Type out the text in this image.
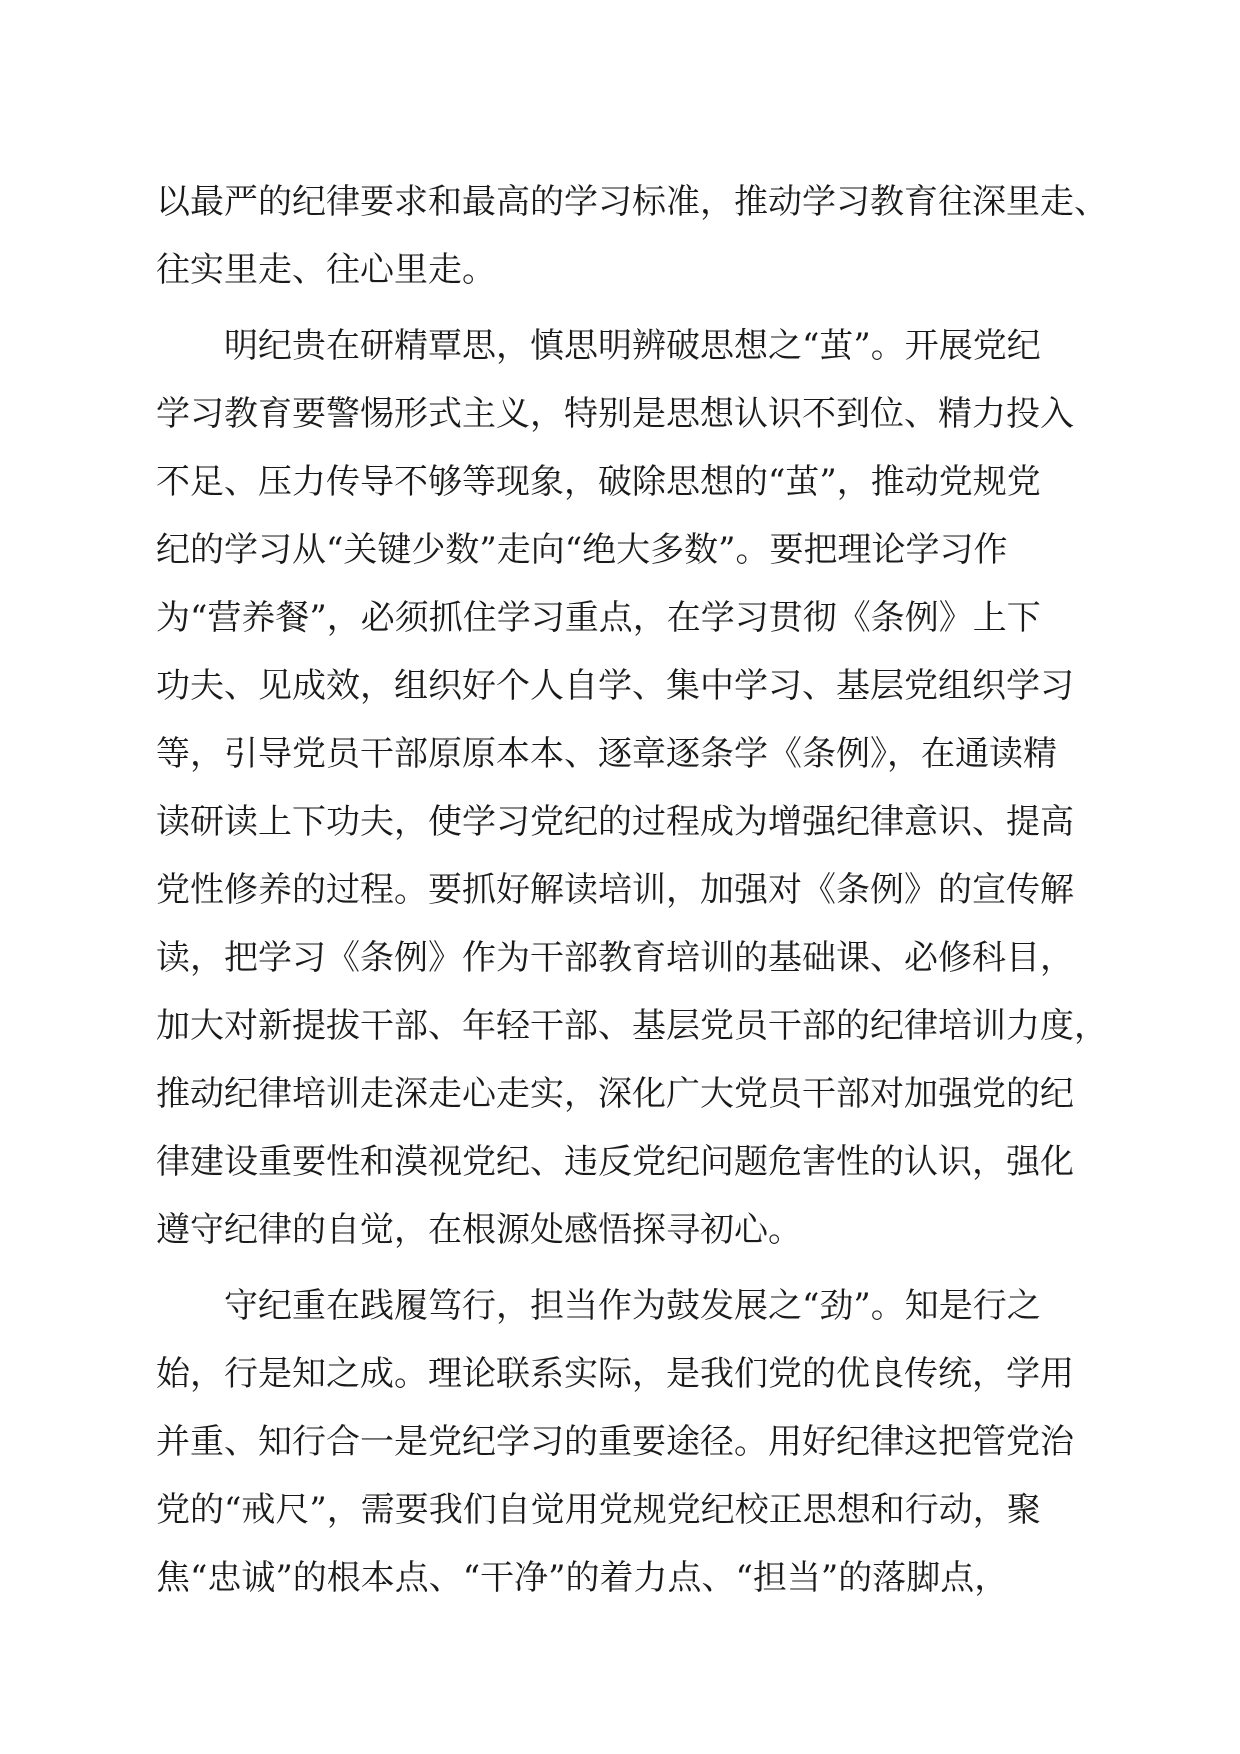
以最严的纪律要求和最高的学习标准，推动学习教育往深里走、
往实里走、往心里走。
明纪贵在研精覃思，慎思明辨破思想之“茧”。开展党纪
学习教育要警惕形式主义，特别是思想认识不到位、精力投入
不足、压力传导不够等现象，破除思想的“茧”，推动党规党
纪的学习从“关键少数”走向“绝大多数”。要把理论学习作
为“营养餐”，必须抓住学习重点，在学习贯彻《条例》上下
功夫、见成效，组织好个人自学、集中学习、基层党组织学习
等，引导党员干部原原本本、逐章逐条学《条例》，在通读精
读研读上下功夫，使学习党纪的过程成为增强纪律意识、提高
党性修养的过程。要抓好解读培训，加强对《条例》的宣传解
读，把学习《条例》作为干部教育培训的基础课、必修科目，
加大对新提拔干部、年轻干部、基层党员干部的纪律培训力度，
推动纪律培训走深走心走实，深化广大党员干部对加强党的纪
律建设重要性和漠视党纪、违反党纪问题危害性的认识，强化
遵守纪律的自觉，在根源处感悟探寻初心。
守纪重在践履笃行，担当作为鼓发展之“劲”。知是行之
始，行是知之成。理论联系实际，是我们党的优良传统，学用
并重、知行合一是党纪学习的重要途径。用好纪律这把管党治
党的“戒尺”，需要我们自觉用党规党纪校正思想和行动，聚
焦“忠诚”的根本点、“干净”的着力点、“担当”的落脚点，
